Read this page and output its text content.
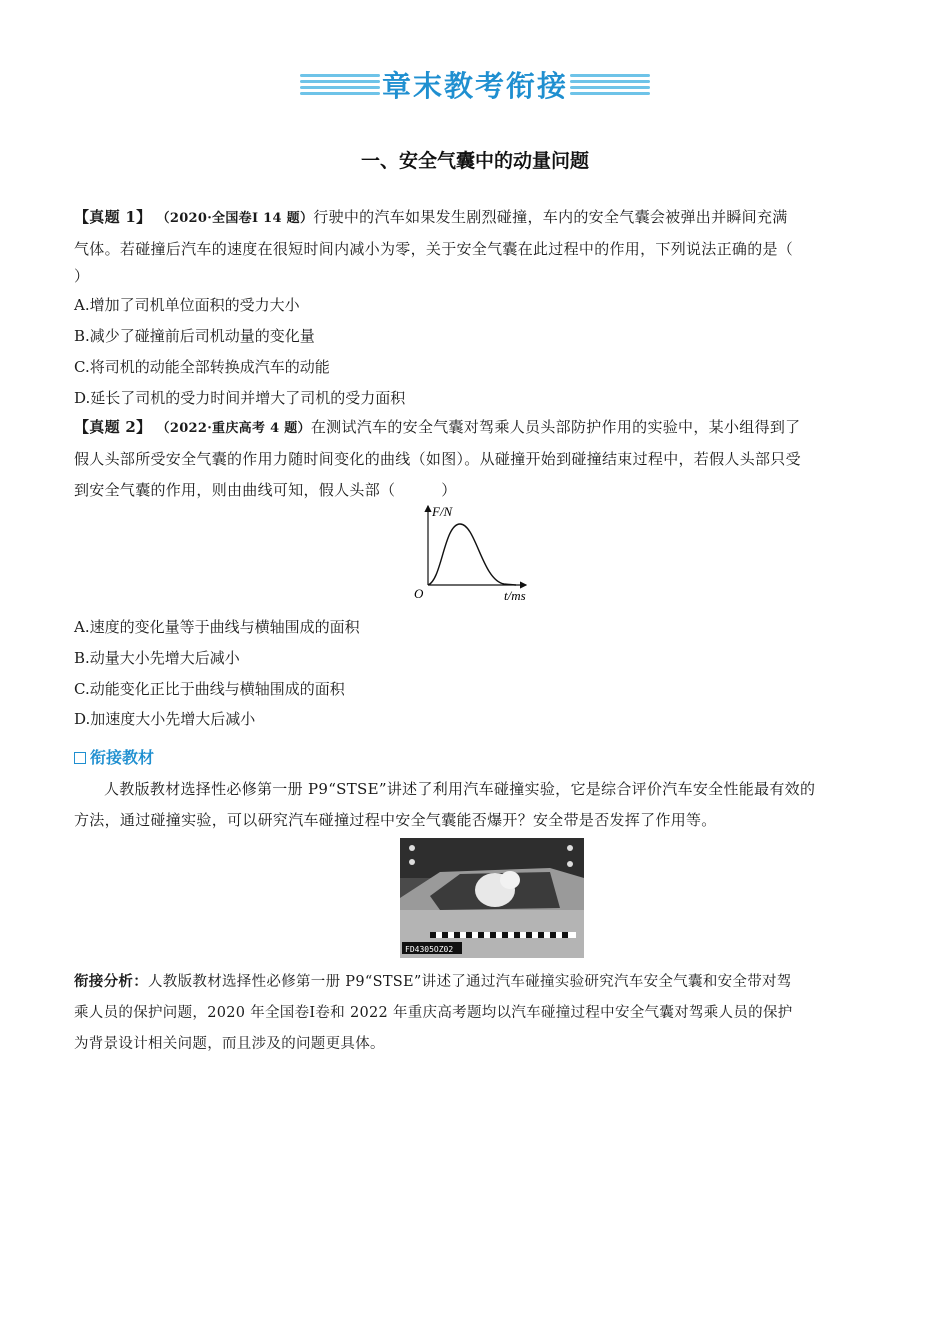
章末教考衔接
一、安全气囊中的动量问题
【真题 1】 （2020·全国卷Ⅰ 14 题）行驶中的汽车如果发生剧烈碰撞，车内的安全气囊会被弹出并瞬间充满
气体。若碰撞后汽车的速度在很短时间内减小为零，关于安全气囊在此过程中的作用，下列说法正确的是（
）
A.增加了司机单位面积的受力大小
B.减少了碰撞前后司机动量的变化量
C.将司机的动能全部转换成汽车的动能
D.延长了司机的受力时间并增大了司机的受力面积
【真题 2】 （2022·重庆高考 4 题）在测试汽车的安全气囊对驾乘人员头部防护作用的实验中，某小组得到了
假人头部所受安全气囊的作用力随时间变化的曲线（如图）。从碰撞开始到碰撞结束过程中，若假人头部只受
到安全气囊的作用，则由曲线可知，假人头部（　　　）
F/N
t/ms
O
A.速度的变化量等于曲线与横轴围成的面积
B.动量大小先增大后减小
C.动能变化正比于曲线与横轴围成的面积
D.加速度大小先增大后减小
衔接教材
人教版教材选择性必修第一册 P9“STSE”讲述了利用汽车碰撞实验，它是综合评价汽车安全性能最有效的
方法，通过碰撞实验，可以研究汽车碰撞过程中安全气囊能否爆开？安全带是否发挥了作用等。
FD4305OZ02
衔接分析：人教版教材选择性必修第一册 P9“STSE”讲述了通过汽车碰撞实验研究汽车安全气囊和安全带对驾
乘人员的保护问题，2020 年全国卷Ⅰ卷和 2022 年重庆高考题均以汽车碰撞过程中安全气囊对驾乘人员的保护
为背景设计相关问题，而且涉及的问题更具体。
